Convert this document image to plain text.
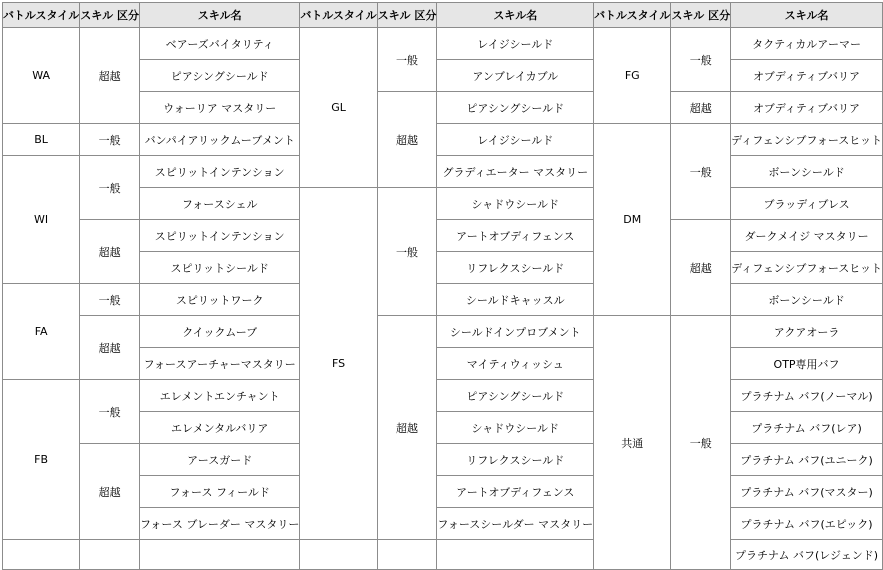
バトルスタイル	スキル 区分	スキル名	バトルスタイル	スキル 区分	スキル名	バトルスタイル	スキル 区分	スキル名
WA	超越	ベアーズバイタリティ	GL	一般	レイジシールド	FG	一般	タクティカルアーマー
		ピアシングシールド			アンブレイカブル			オブディティブバリア
		ウォーリア マスタリー		超越	ピアシングシールド		超越	オブディティブバリア
BL	一般	バンパイアリックムーブメント			レイジシールド	DM	一般	ディフェンシブフォースヒット
WI	一般	スピリットインテンション			グラディエーター マスタリー			ボーンシールド
		フォースシェル	FS	一般	シャドウシールド			ブラッディブレス
	超越	スピリットインテンション			アートオブディフェンス		超越	ダークメイジ マスタリー
		スピリットシールド			リフレクスシールド			ディフェンシブフォースヒット
FA	一般	スピリットワーク			シールドキャッスル			ボーンシールド
	超越	クイックムーブ		超越	シールドインプロブメント	共通	一般	アクアオーラ
		フォースアーチャーマスタリー			マイティウィッシュ			OTP専用バフ
FB	一般	エレメントエンチャント			ピアシングシールド			プラチナム バフ(ノーマル)
		エレメンタルバリア			シャドウシールド			プラチナム バフ(レア)
	超越	アースガード			リフレクスシールド			プラチナム バフ(ユニーク)
		フォース フィールド			アートオブディフェンス			プラチナム バフ(マスター)
		フォース ブレーダー マスタリー			フォースシールダー マスタリー			プラチナム バフ(エピック)
								プラチナム バフ(レジェンド)
